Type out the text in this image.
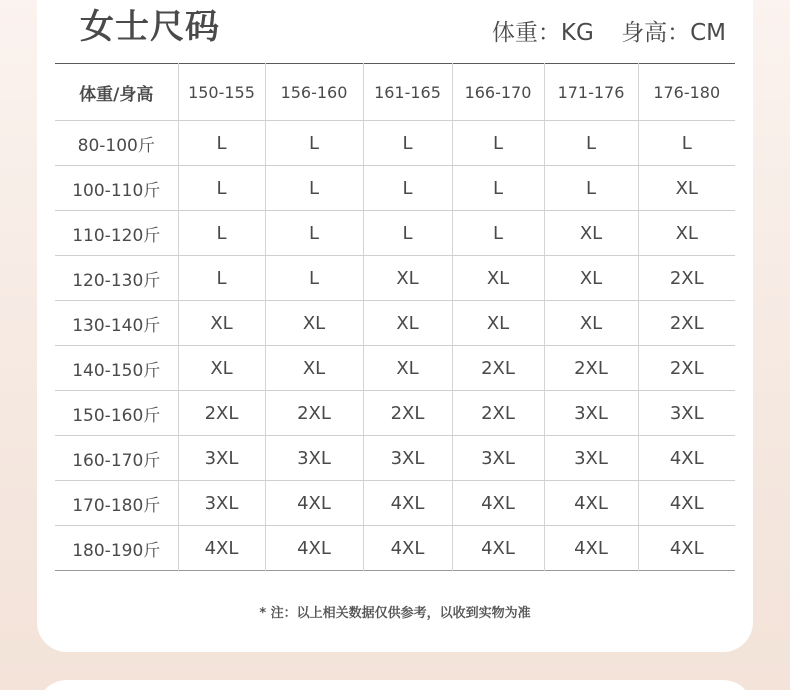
女士尺码	体重：KG 身高：CM
体重/身高	150-155	156-160	161-165	166-170	171-176	176-180
80-100斤	L	L	L	L	L	L
100-110斤	L	L	L	L	L	XL
110-120斤	L	L	L	L	XL	XL
120-130斤	L	L	XL	XL	XL	2XL
130-140斤	XL	XL	XL	XL	XL	2XL
140-150斤	XL	XL	XL	2XL	2XL	2XL
150-160斤	2XL	2XL	2XL	2XL	3XL	3XL
160-170斤	3XL	3XL	3XL	3XL	3XL	4XL
170-180斤	3XL	4XL	4XL	4XL	4XL	4XL
180-190斤	4XL	4XL	4XL	4XL	4XL	4XL
* 注：以上相关数据仅供参考，以收到实物为准
